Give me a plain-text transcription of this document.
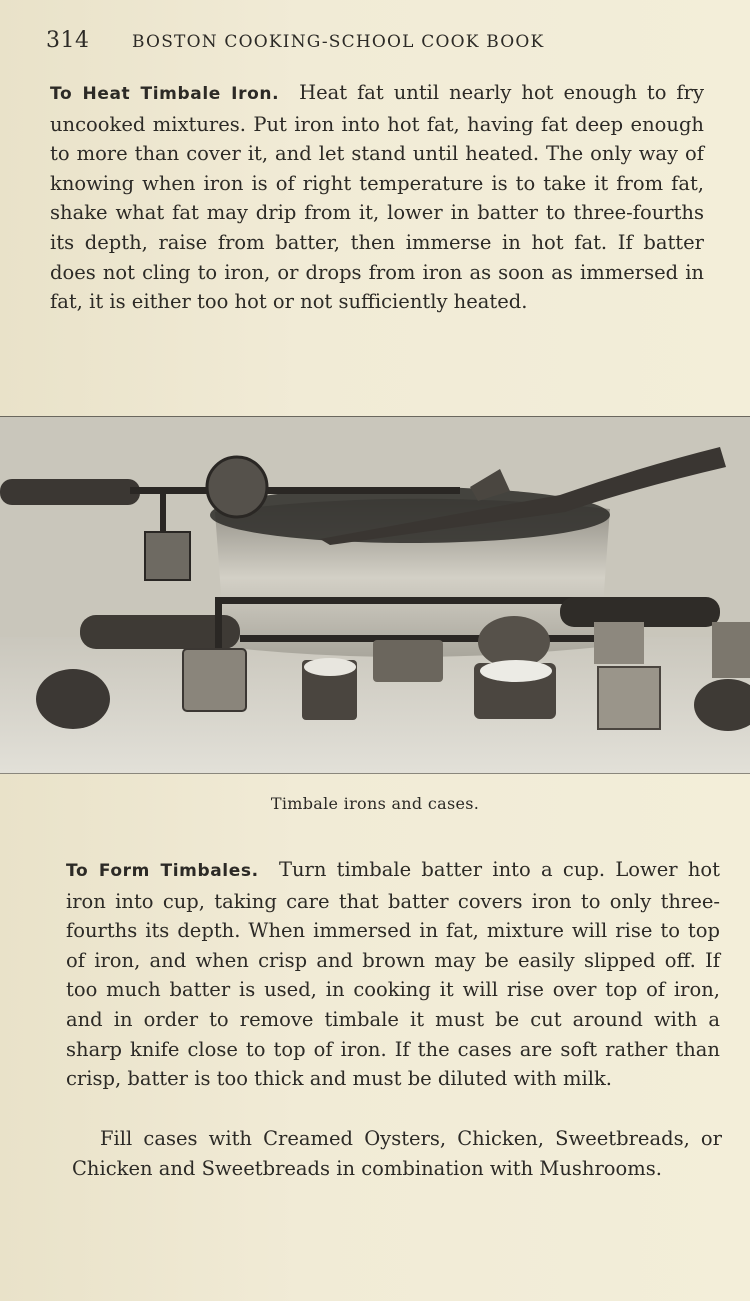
314	BOSTON COOKING-SCHOOL COOK BOOK
To Heat Timbale Iron. Heat fat until nearly hot enough to fry uncooked mixtures. Put iron into hot fat, having fat deep enough to more than cover it, and let stand until heated. The only way of knowing when iron is of right temperature is to take it from fat, shake what fat may drip from it, lower in batter to three-fourths its depth, raise from batter, then immerse in hot fat. If batter does not cling to iron, or drops from iron as soon as immersed in fat, it is either too hot or not sufficiently heated.
Timbale irons and cases.
To Form Timbales. Turn timbale batter into a cup. Lower hot iron into cup, taking care that batter covers iron to only three-fourths its depth. When immersed in fat, mixture will rise to top of iron, and when crisp and brown may be easily slipped off. If too much batter is used, in cooking it will rise over top of iron, and in order to remove timbale it must be cut around with a sharp knife close to top of iron. If the cases are soft rather than crisp, batter is too thick and must be diluted with milk.
Fill cases with Creamed Oysters, Chicken, Sweetbreads, or Chicken and Sweetbreads in combination with Mushrooms.
